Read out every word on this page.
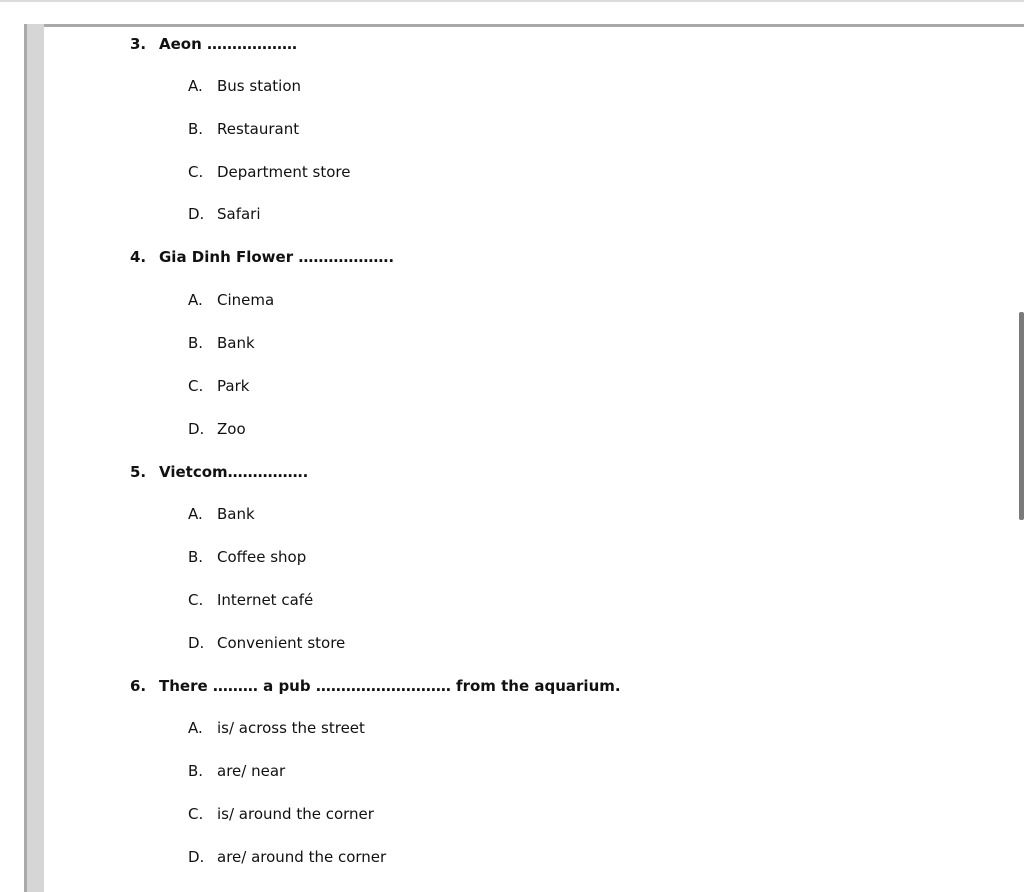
3. Aeon ………………
A. Bus station
B. Restaurant
C. Department store
D. Safari
4. Gia Dinh Flower ……………….
A. Cinema
B. Bank
C. Park
D. Zoo
5. Vietcom…………….
A. Bank
B. Coffee shop
C. Internet café
D. Convenient store
6. There ……… a pub ……………………… from the aquarium.
A. is/ across the street
B. are/ near
C. is/ around the corner
D. are/ around the corner
